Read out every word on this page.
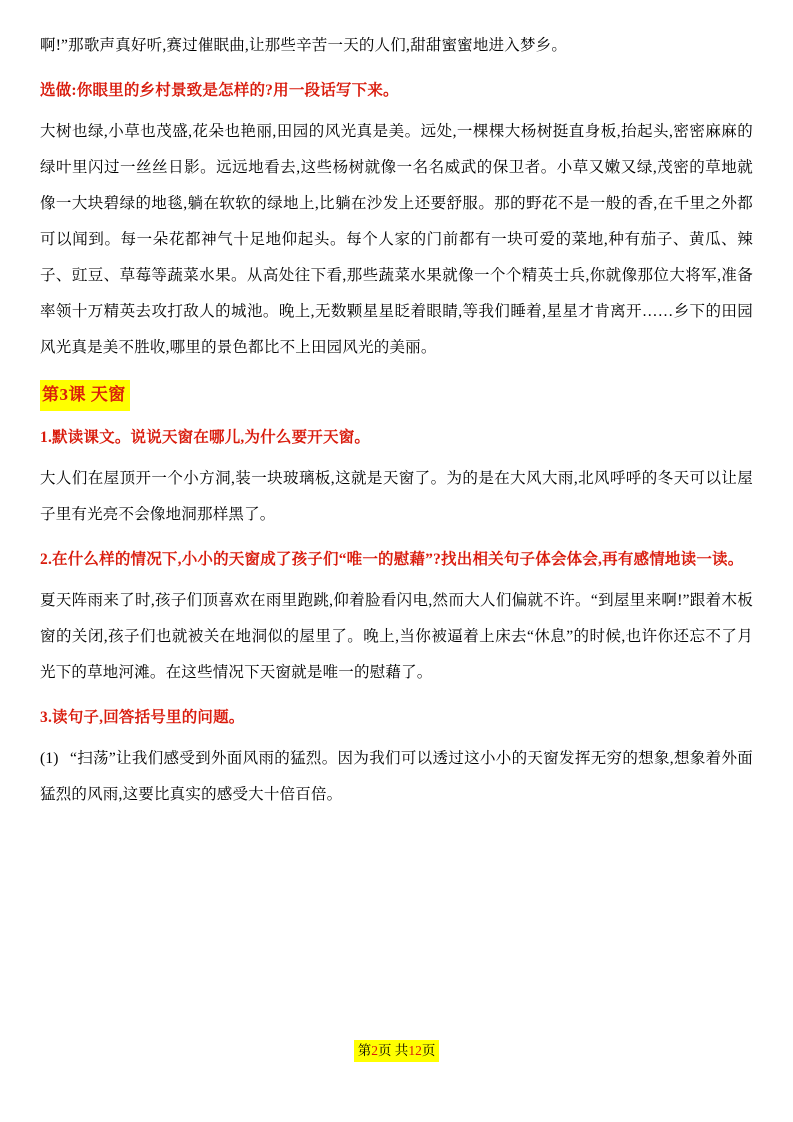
啊!”那歌声真好听,赛过催眠曲,让那些辛苦一天的人们,甜甜蜜蜜地进入梦乡。

选做:你眼里的乡村景致是怎样的?用一段话写下来。

大树也绿,小草也茂盛,花朵也艳丽,田园的风光真是美。远处,一棵棵大杨树挺直身板,抬起头,密密麻麻的绿叶里闪过一丝丝日影。远远地看去,这些杨树就像一名名威武的保卫者。小草又嫩又绿,茂密的草地就像一大块碧绿的地毯,躺在软软的绿地上,比躺在沙发上还要舒服。那的野花不是一般的香,在千里之外都可以闻到。每一朵花都神气十足地仰起头。每个人家的门前都有一块可爱的菜地,种有茄子、黄瓜、辣子、豇豆、草莓等蔬菜水果。从高处往下看,那些蔬菜水果就像一个个精英士兵,你就像那位大将军,准备率领十万精英去攻打敌人的城池。晚上,无数颗星星眨着眼睛,等我们睡着,星星才肯离开……乡下的田园风光真是美不胜收,哪里的景色都比不上田园风光的美丽。

第3课 天窗

1.默读课文。说说天窗在哪儿,为什么要开天窗。

大人们在屋顶开一个小方洞,装一块玻璃板,这就是天窗了。为的是在大风大雨,北风呼呼的冬天可以让屋子里有光亮不会像地洞那样黑了。

2.在什么样的情况下,小小的天窗成了孩子们“唯一的慰藉”?找出相关句子体会体会,再有感情地读一读。

夏天阵雨来了时,孩子们顶喜欢在雨里跑跳,仰着脸看闪电,然而大人们偏就不许。“到屋里来啊!”跟着木板窗的关闭,孩子们也就被关在地洞似的屋里了。晚上,当你被逼着上床去“休息”的时候,也许你还忘不了月光下的草地河滩。在这些情况下天窗就是唯一的慰藉了。

3.读句子,回答括号里的问题。

(1) “扫荡”让我们感受到外面风雨的猛烈。因为我们可以透过这小小的天窗发挥无穷的想象,想象着外面猛烈的风雨,这要比真实的感受大十倍百倍。

第2页 共12页
